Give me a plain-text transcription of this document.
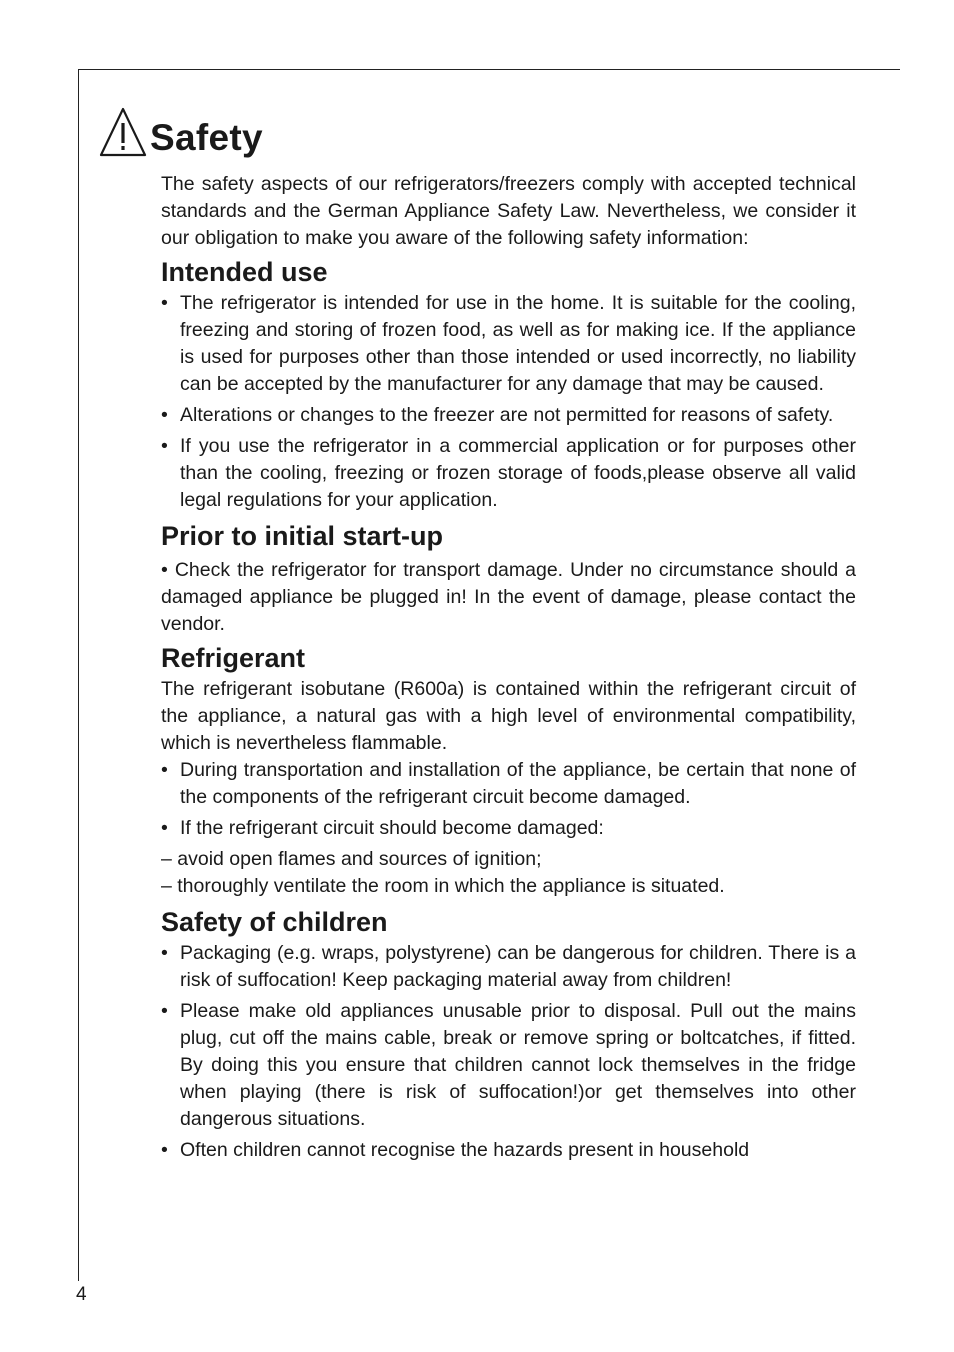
Safety

The safety aspects of our refrigerators/freezers comply with accepted technical standards and the German Appliance Safety Law. Nevertheless, we consider it our obligation to make you aware of the following safety information:

Intended use
• The refrigerator is intended for use in the home. It is suitable for the cooling, freezing and storing of frozen food, as well as for making ice. If the appliance is used for purposes other than those intended or used incorrectly, no liability can be accepted by the manufacturer for any damage that may be caused.
• Alterations or changes to the freezer are not permitted for reasons of safety.
• If you use the refrigerator in a commercial application or for purposes other than the cooling, freezing or frozen storage of foods,please observe all valid legal regulations for your application.
Prior to initial start-up

• Check the refrigerator for transport damage. Under no circumstance should a damaged appliance be plugged in! In the event of damage, please contact the vendor.

Refrigerant

The refrigerant isobutane (R600a) is contained within the refrigerant circuit of the appliance, a natural gas with a high level of environmental compatibility, which is nevertheless flammable.

• During transportation and installation of the appliance, be certain that none of the components of the refrigerant circuit become damaged.
• If the refrigerant circuit should become damaged:

– avoid open flames and sources of ignition;

– thoroughly ventilate the room in which the appliance is situated.

Safety of children
• Packaging (e.g. wraps, polystyrene) can be dangerous for children. There is a risk of suffocation! Keep packaging material away from children!
• Please make old appliances unusable prior to disposal. Pull out the mains plug, cut off the mains cable, break or remove spring or boltcatches, if fitted. By doing this you ensure that children cannot lock themselves in the fridge when playing (there is risk of suffocation!)or get themselves into other dangerous situations.
• Often children cannot recognise the hazards present in household
4
